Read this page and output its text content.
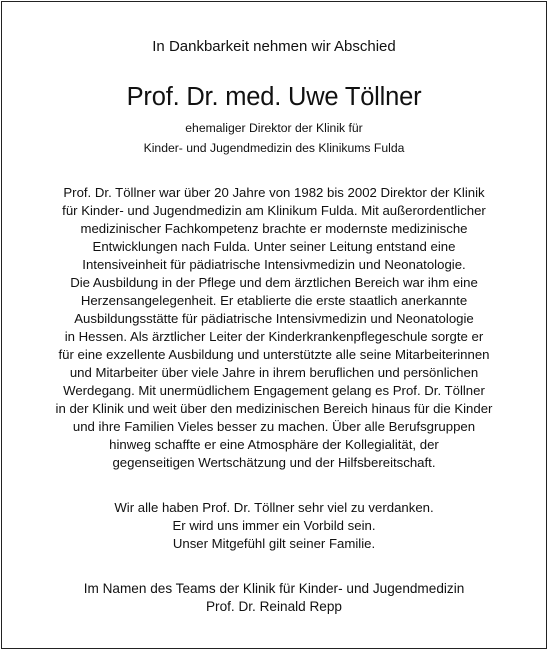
In Dankbarkeit nehmen wir Abschied
Prof. Dr. med. Uwe Töllner
ehemaliger Direktor der Klinik für
Kinder- und Jugendmedizin des Klinikums Fulda
Prof. Dr. Töllner war über 20 Jahre von 1982 bis 2002 Direktor der Klinik
für Kinder- und Jugendmedizin am Klinikum Fulda. Mit außerordentlicher
medizinischer Fachkompetenz brachte er modernste medizinische
Entwicklungen nach Fulda. Unter seiner Leitung entstand eine
Intensiveinheit für pädiatrische Intensivmedizin und Neonatologie.
Die Ausbildung in der Pflege und dem ärztlichen Bereich war ihm eine
Herzensangelegenheit. Er etablierte die erste staatlich anerkannte
Ausbildungsstätte für pädiatrische Intensivmedizin und Neonatologie
in Hessen. Als ärztlicher Leiter der Kinderkrankenpflegeschule sorgte er
für eine exzellente Ausbildung und unterstützte alle seine Mitarbeiterinnen
und Mitarbeiter über viele Jahre in ihrem beruflichen und persönlichen
Werdegang. Mit unermüdlichem Engagement gelang es Prof. Dr. Töllner
in der Klinik und weit über den medizinischen Bereich hinaus für die Kinder
und ihre Familien Vieles besser zu machen. Über alle Berufsgruppen
hinweg schaffte er eine Atmosphäre der Kollegialität, der
gegenseitigen Wertschätzung und der Hilfsbereitschaft.
Wir alle haben Prof. Dr. Töllner sehr viel zu verdanken.
Er wird uns immer ein Vorbild sein.
Unser Mitgefühl gilt seiner Familie.
Im Namen des Teams der Klinik für Kinder- und Jugendmedizin
Prof. Dr. Reinald Repp
